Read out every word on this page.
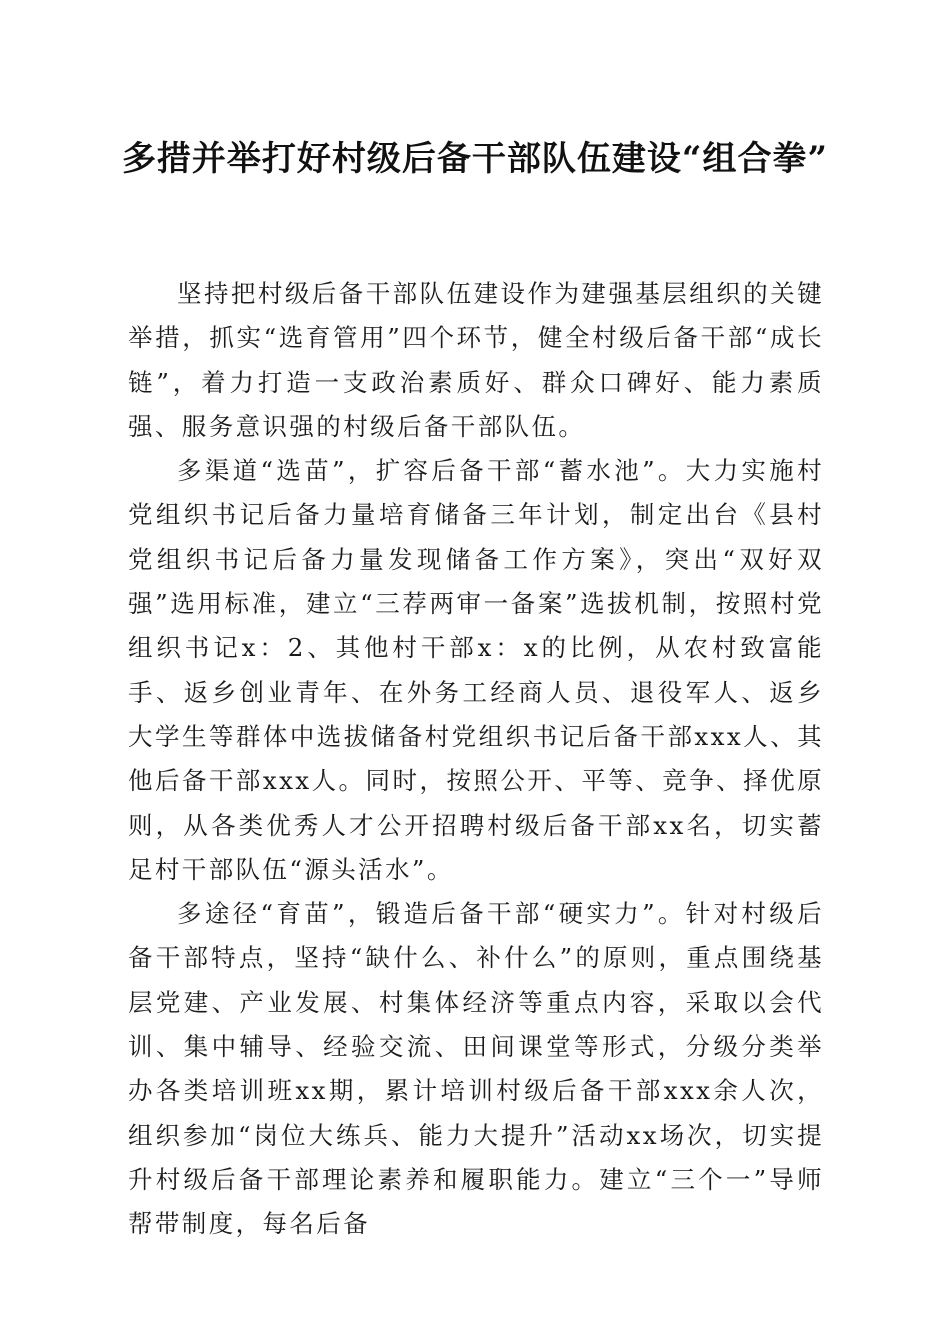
多措并举打好村级后备干部队伍建设“组合拳”

坚持把村级后备干部队伍建设作为建强基层组织的关键举措，抓实“选育管用”四个环节，健全村级后备干部“成长链”，着力打造一支政治素质好、群众口碑好、能力素质强、服务意识强的村级后备干部队伍。

多渠道“选苗”，扩容后备干部“蓄水池”。大力实施村党组织书记后备力量培育储备三年计划，制定出台《县村党组织书记后备力量发现储备工作方案》，突出“双好双强”选用标准，建立“三荐两审一备案”选拔机制，按照村党组织书记x：2、其他村干部x：x的比例，从农村致富能手、返乡创业青年、在外务工经商人员、退役军人、返乡大学生等群体中选拔储备村党组织书记后备干部xxx人、其他后备干部xxx人。同时，按照公开、平等、竞争、择优原则，从各类优秀人才公开招聘村级后备干部xx名，切实蓄足村干部队伍“源头活水”。

多途径“育苗”，锻造后备干部“硬实力”。针对村级后备干部特点，坚持“缺什么、补什么”的原则，重点围绕基层党建、产业发展、村集体经济等重点内容，采取以会代训、集中辅导、经验交流、田间课堂等形式，分级分类举办各类培训班xx期，累计培训村级后备干部xxx余人次，组织参加“岗位大练兵、能力大提升”活动xx场次，切实提升村级后备干部理论素养和履职能力。建立“三个一”导师帮带制度，每名后备
